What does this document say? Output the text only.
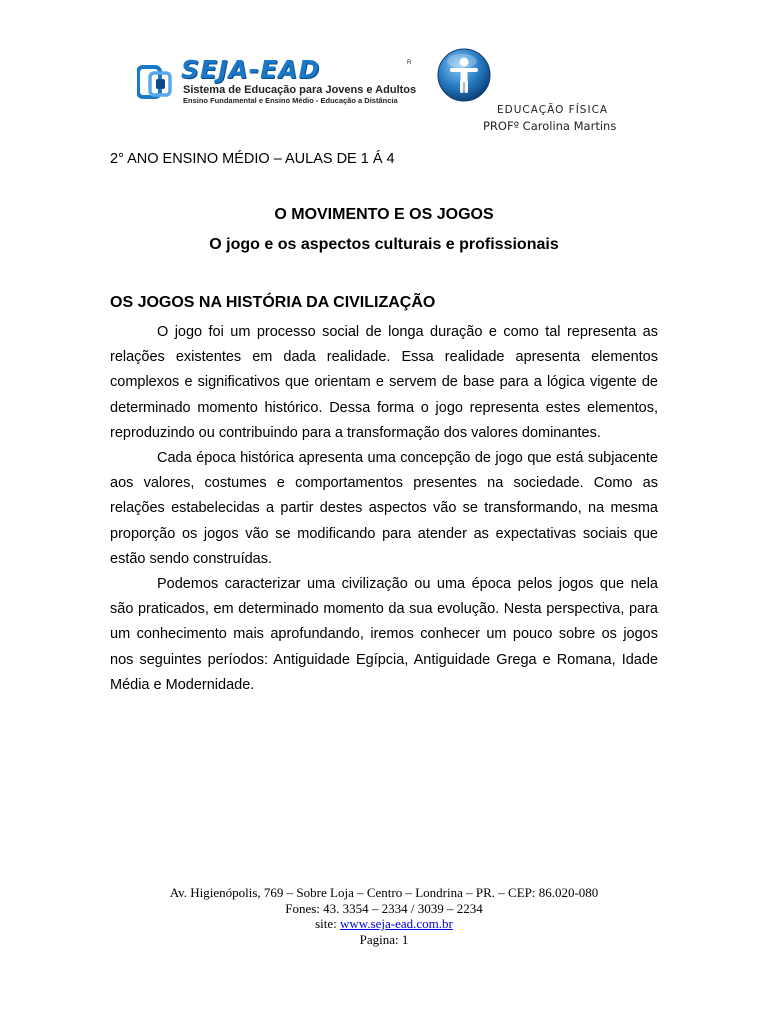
SEJA-EAD	R
Sistema de Educação para Jovens e Adultos
Ensino Fundamental e Ensino Médio - Educação a Distância
EDUCAÇÃO FÍSICA
PROFº Carolina Martins
2° ANO ENSINO MÉDIO – AULAS DE 1 Á 4
O MOVIMENTO E OS JOGOS
O jogo e os aspectos culturais e profissionais
OS JOGOS NA HISTÓRIA DA CIVILIZAÇÃO

O jogo foi um processo social de longa duração e como tal representa as relações existentes em dada realidade. Essa realidade apresenta elementos complexos e significativos que orientam e servem de base para a lógica vigente de determinado momento histórico. Dessa forma o jogo representa estes elementos, reproduzindo ou contribuindo para a transformação dos valores dominantes.

Cada época histórica apresenta uma concepção de jogo que está subjacente aos valores, costumes e comportamentos presentes na sociedade. Como as relações estabelecidas a partir destes aspectos vão se transformando, na mesma proporção os jogos vão se modificando para atender as expectativas sociais que estão sendo construídas.

Podemos caracterizar uma civilização ou uma época pelos jogos que nela são praticados, em determinado momento da sua evolução. Nesta perspectiva, para um conhecimento mais aprofundando, iremos conhecer um pouco sobre os jogos nos seguintes períodos: Antiguidade Egípcia, Antiguidade Grega e Romana, Idade Média e Modernidade.

Av. Higienópolis, 769 – Sobre Loja – Centro – Londrina – PR. – CEP: 86.020-080
Fones: 43. 3354 – 2334 / 3039 – 2234
site: www.seja-ead.com.br
Pagina: 1
